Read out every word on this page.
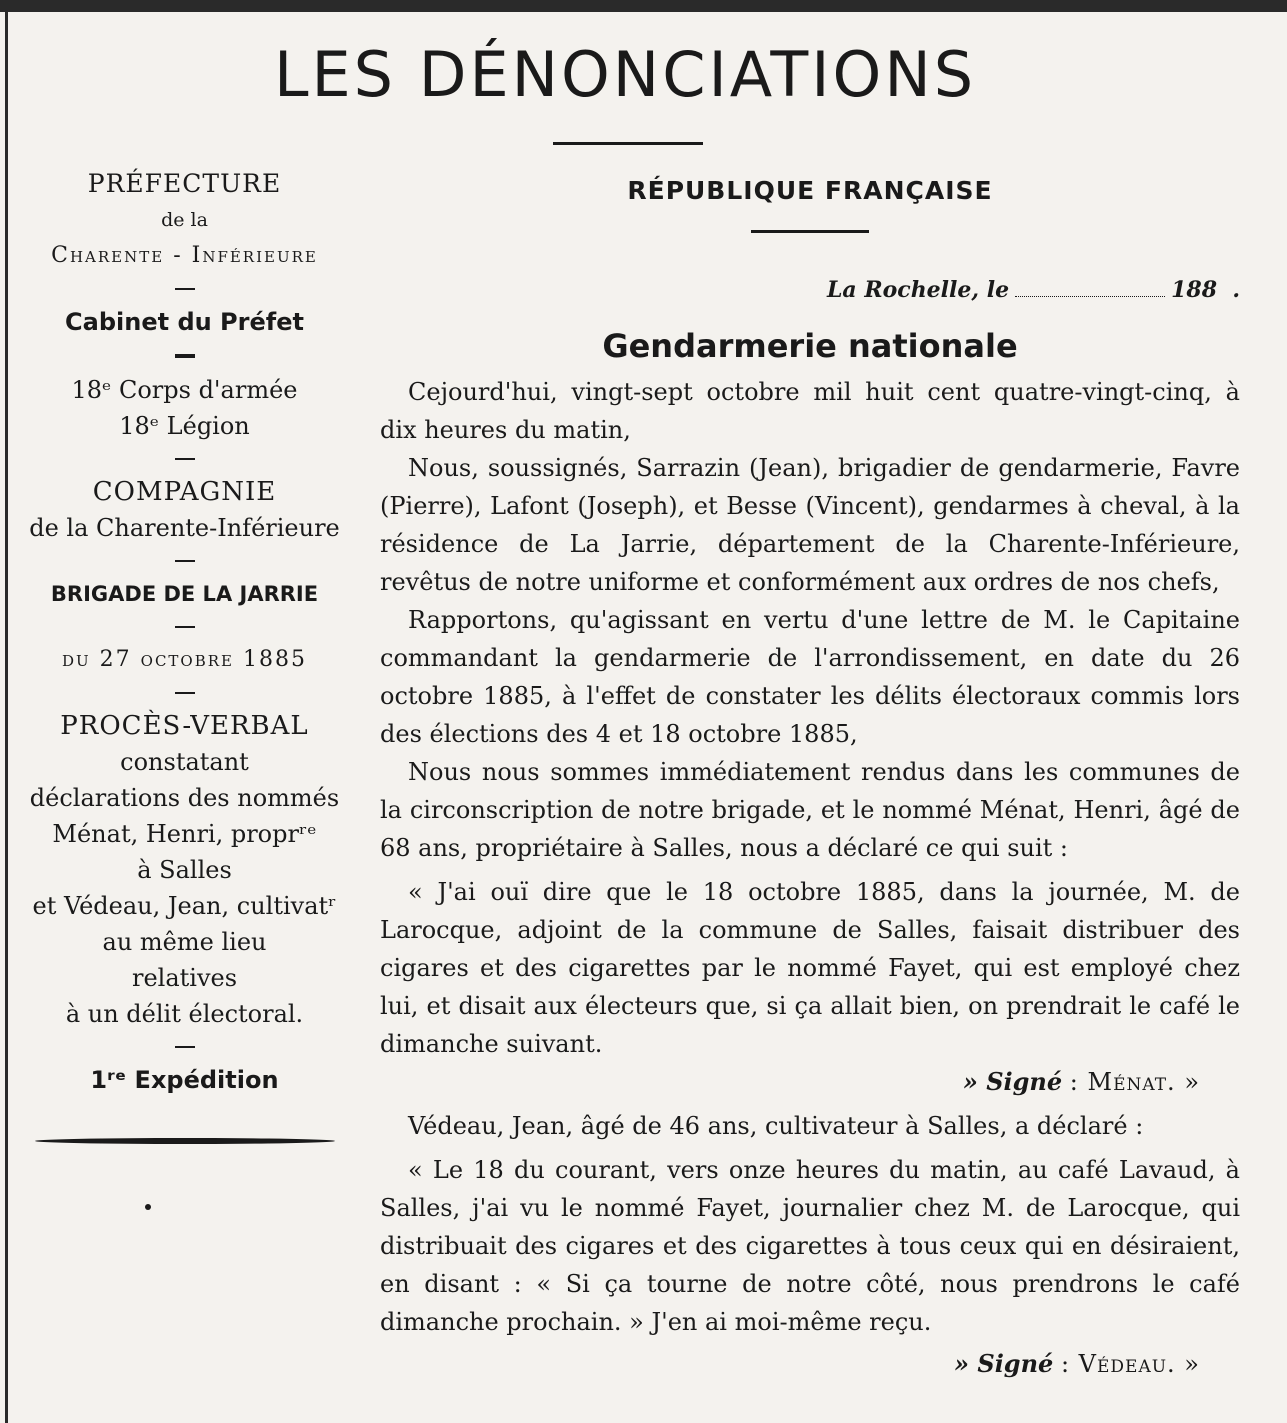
LES DÉNONCIATIONS
PRÉFECTURE
de la
Charente - Inférieure
Cabinet du Préfet
18ᵉ Corps d'armée
18ᵉ Légion
COMPAGNIE
de la Charente-Inférieure
BRIGADE DE LA JARRIE
du 27 octobre 1885
PROCÈS-VERBAL
constatant
déclarations des nommés
Ménat, Henri, proprʳᵉ
à Salles
et Védeau, Jean, cultivatʳ
au même lieu
relatives
à un délit électoral.
1ʳᵉ Expédition
RÉPUBLIQUE FRANÇAISE
La Rochelle, le	188  .
Gendarmerie nationale

Cejourd'hui, vingt-sept octobre mil huit cent quatre-vingt-cinq, à dix heures du matin,

Nous, soussignés, Sarrazin (Jean), brigadier de gendarmerie, Favre (Pierre), Lafont (Joseph), et Besse (Vincent), gendarmes à cheval, à la résidence de La Jarrie, département de la Charente-Inférieure, revêtus de notre uniforme et conformément aux ordres de nos chefs,

Rapportons, qu'agissant en vertu d'une lettre de M. le Capitaine commandant la gendarmerie de l'arrondissement, en date du 26 octobre 1885, à l'effet de constater les délits électoraux commis lors des élections des 4 et 18 octobre 1885,

Nous nous sommes immédiatement rendus dans les communes de la circonscription de notre brigade, et le nommé Ménat, Henri, âgé de 68 ans, propriétaire à Salles, nous a déclaré ce qui suit :

« J'ai ouï dire que le 18 octobre 1885, dans la journée, M. de Larocque, adjoint de la commune de Salles, faisait distribuer des cigares et des cigarettes par le nommé Fayet, qui est employé chez lui, et disait aux électeurs que, si ça allait bien, on prendrait le café le dimanche suivant.

» Signé : Ménat. »

Védeau, Jean, âgé de 46 ans, cultivateur à Salles, a déclaré :

« Le 18 du courant, vers onze heures du matin, au café Lavaud, à Salles, j'ai vu le nommé Fayet, journalier chez M. de Larocque, qui distribuait des cigares et des cigarettes à tous ceux qui en désiraient, en disant : « Si ça tourne de notre côté, nous prendrons le café dimanche prochain. » J'en ai moi-même reçu.

» Signé : Védeau. »
